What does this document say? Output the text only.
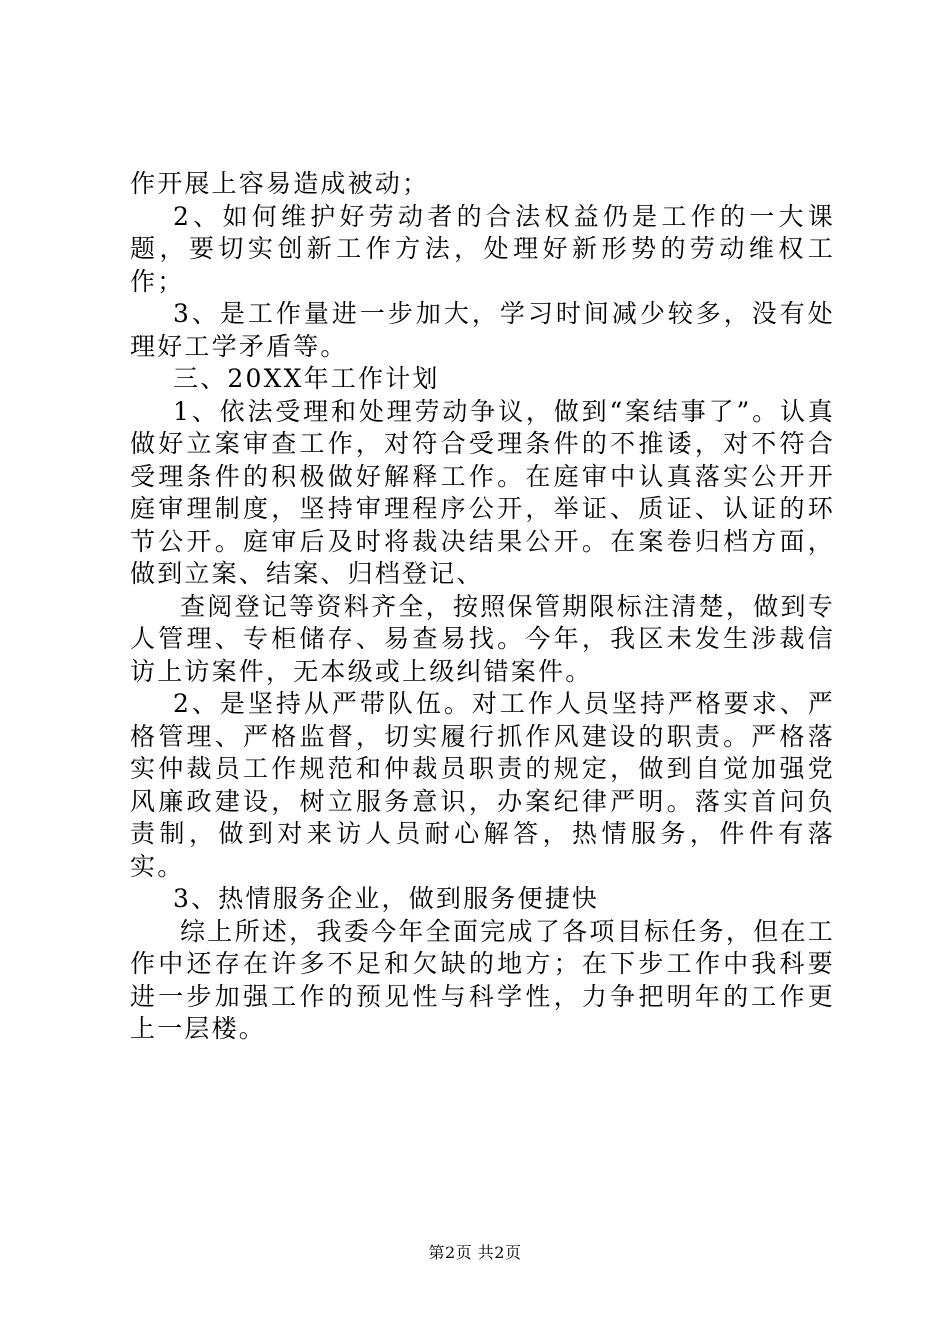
作开展上容易造成被动；

2、如何维护好劳动者的合法权益仍是工作的一大课题，要切实创新工作方法，处理好新形势的劳动维权工作；

3、是工作量进一步加大，学习时间减少较多，没有处理好工学矛盾等。

三、20XX年工作计划

1、依法受理和处理劳动争议，做到“案结事了”。认真做好立案审查工作，对符合受理条件的不推诿，对不符合受理条件的积极做好解释工作。在庭审中认真落实公开开庭审理制度，坚持审理程序公开，举证、质证、认证的环节公开。庭审后及时将裁决结果公开。在案卷归档方面，做到立案、结案、归档登记、

查阅登记等资料齐全，按照保管期限标注清楚，做到专人管理、专柜储存、易查易找。今年，我区未发生涉裁信访上访案件，无本级或上级纠错案件。

2、是坚持从严带队伍。对工作人员坚持严格要求、严格管理、严格监督，切实履行抓作风建设的职责。严格落实仲裁员工作规范和仲裁员职责的规定，做到自觉加强党风廉政建设，树立服务意识，办案纪律严明。落实首问负责制，做到对来访人员耐心解答，热情服务，件件有落实。

3、热情服务企业，做到服务便捷快

综上所述，我委今年全面完成了各项目标任务，但在工作中还存在许多不足和欠缺的地方；在下步工作中我科要进一步加强工作的预见性与科学性，力争把明年的工作更上一层楼。

第2页 共2页
